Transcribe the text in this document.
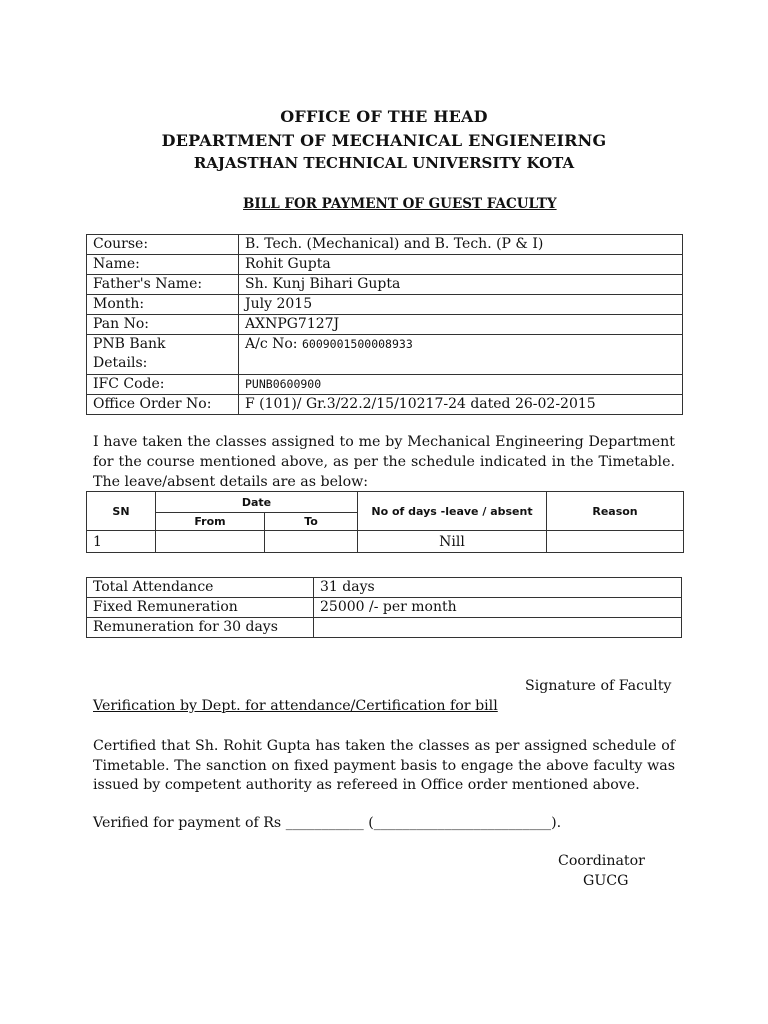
OFFICE OF THE HEAD
DEPARTMENT OF MECHANICAL ENGIENEIRNG
RAJASTHAN TECHNICAL UNIVERSITY KOTA
BILL FOR PAYMENT OF GUEST FACULTY
Course:	B. Tech. (Mechanical) and B. Tech. (P & I)
Name:	Rohit Gupta
Father's Name:	Sh. Kunj Bihari Gupta
Month:	July 2015
Pan No:	AXNPG7127J
PNB Bank
Details:	A/c No: 6009001500008933
IFC Code:	PUNB0600900
Office Order No:	F (101)/ Gr.3/22.2/15/10217-24 dated 26-02-2015
I have taken the classes assigned to me by Mechanical Engineering Department for the course mentioned above, as per the schedule indicated in the Timetable. The leave/absent details are as below:
SN	Date		No of days -leave / absent	Reason
	From	To		
1			Nill	
Total Attendance	31 days
Fixed Remuneration	25000 /- per month
Remuneration for 30 days	
Signature of Faculty
Verification by Dept. for attendance/Certification for bill
Certified that Sh. Rohit Gupta has taken the classes as per assigned schedule of Timetable. The sanction on fixed payment basis to engage the above faculty was issued by competent authority as refereed in Office order mentioned above.
Verified for payment of Rs ___________ (_________________________).
Coordinator
GUCG
